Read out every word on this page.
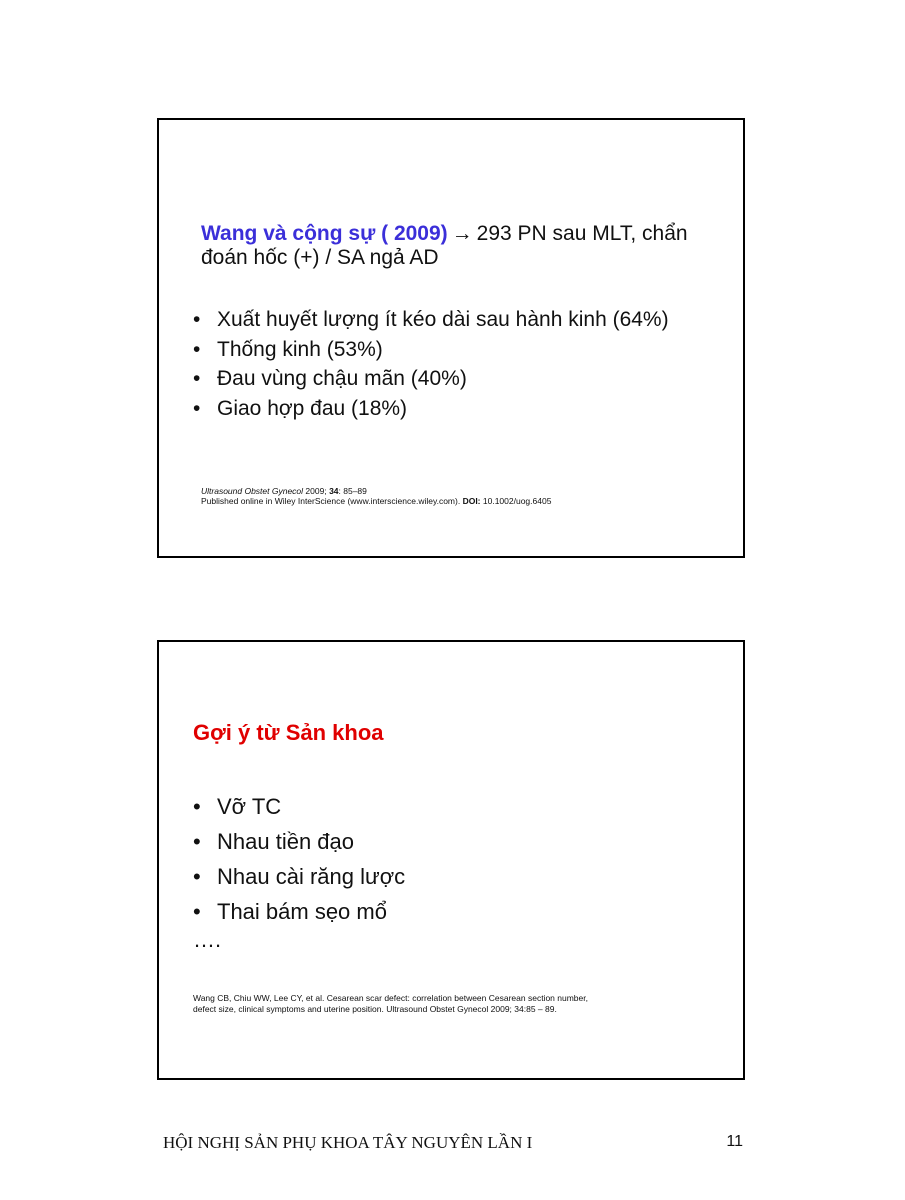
Wang và cộng sự ( 2009) → 293 PN sau MLT, chẩn
đoán hốc (+) / SA ngả AD
• Xuất huyết lượng ít kéo dài sau hành kinh (64%)
• Thống kinh (53%)
• Đau vùng chậu mãn (40%)
• Giao hợp đau (18%)
Ultrasound Obstet Gynecol 2009; 34: 85–89
Published online in Wiley InterScience (www.interscience.wiley.com). DOI: 10.1002/uog.6405
Gợi ý từ Sản khoa
• Vỡ TC
• Nhau tiền đạo
• Nhau cài răng lược
• Thai bám sẹo mổ
….
Wang CB, Chiu WW, Lee CY, et al. Cesarean scar defect: correlation between Cesarean section number,
defect size, clinical symptoms and uterine position. Ultrasound Obstet Gynecol 2009; 34:85 – 89.
HỘI NGHỊ SẢN PHỤ KHOA TÂY NGUYÊN LẦN I	11
